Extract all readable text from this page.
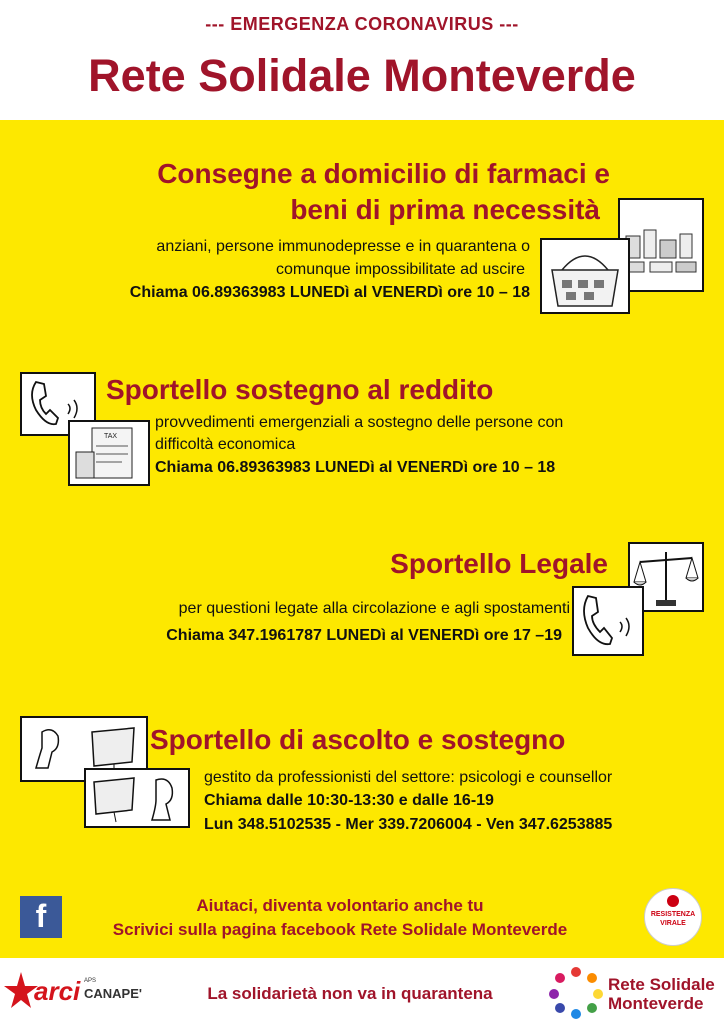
--- EMERGENZA CORONAVIRUS ---
Rete Solidale Monteverde
Consegne a domicilio di farmaci e
beni di prima necessità
anziani, persone immunodepresse e in quarantena o
comunque impossibilitate ad uscire
Chiama 06.89363983 LUNEDì al VENERDì ore 10 – 18
TAX
Sportello sostegno al reddito
provvedimenti emergenziali a sostegno delle persone con
difficoltà economica
Chiama 06.89363983 LUNEDì al VENERDì ore 10 – 18
Sportello Legale
per questioni legate alla circolazione e agli spostamenti
Chiama 347.1961787 LUNEDì al VENERDì ore 17 –19
Sportello di ascolto e sostegno
gestito da professionisti del settore: psicologi e counsellor
Chiama dalle 10:30-13:30 e dalle 16-19
Lun 348.5102535 - Mer 339.7206004 - Ven 347.6253885
f	Aiutaci, diventa volontario anche tu
Scrivici sulla pagina facebook Rete Solidale Monteverde
RESISTENZA
VIRALE
arci APS
CANAPE'	La solidarietà non va in quarantena	Rete Solidale
Monteverde
